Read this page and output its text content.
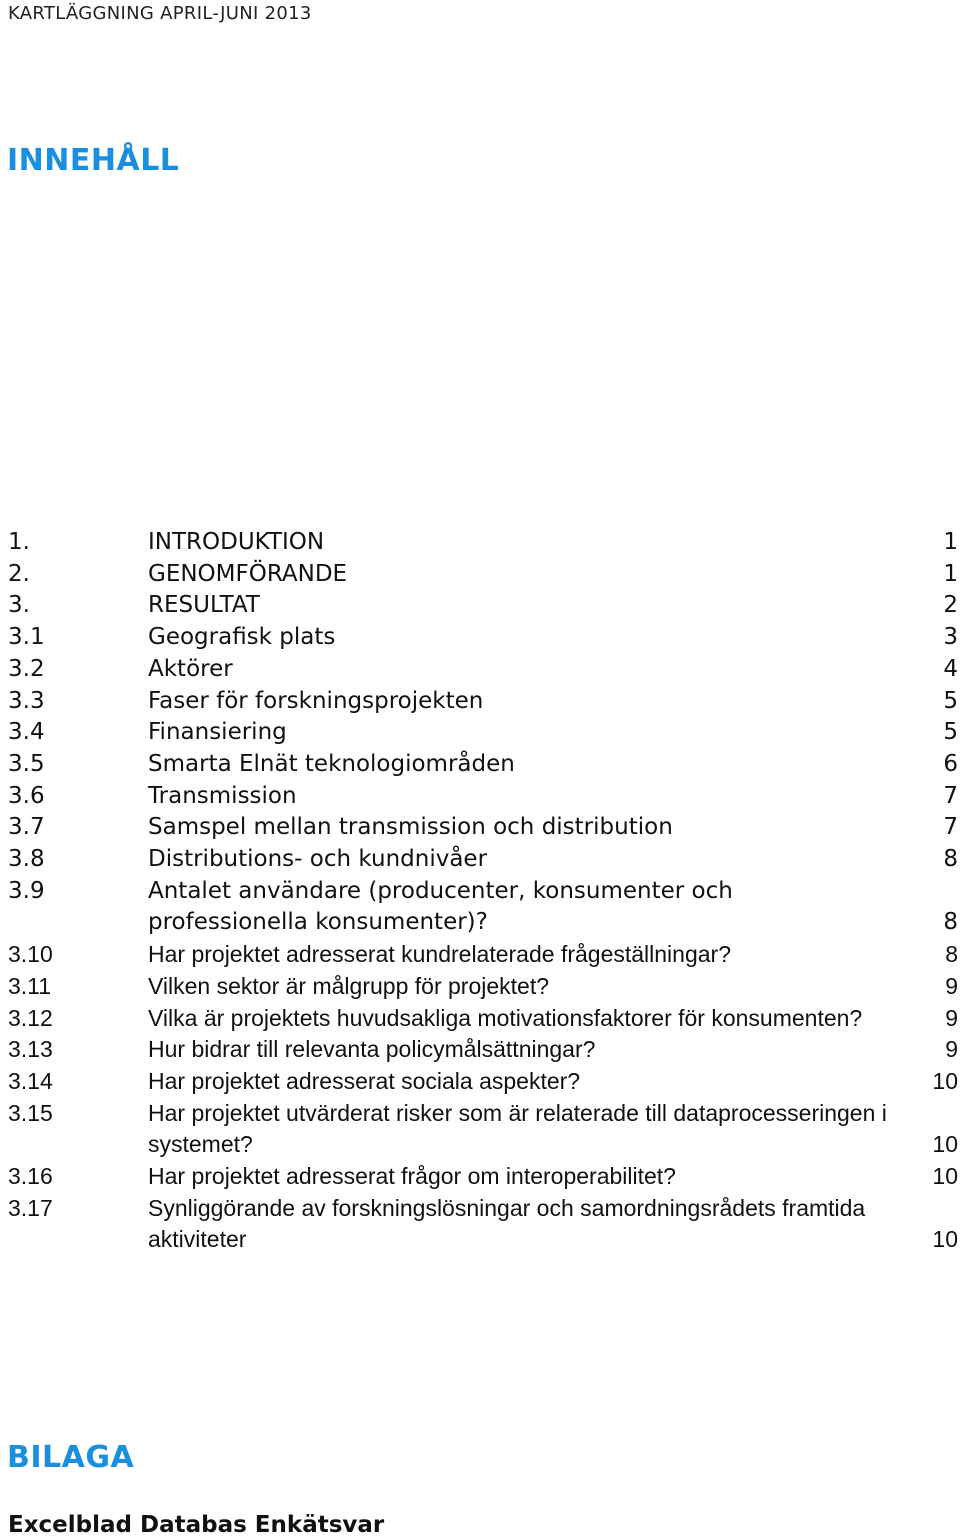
KARTLÄGGNING APRIL-JUNI 2013
INNEHÅLL
1.	INTRODUKTION	1
2.	GENOMFÖRANDE	1
3.	RESULTAT	2
3.1	Geografisk plats	3
3.2	Aktörer	4
3.3	Faser för forskningsprojekten	5
3.4	Finansiering	5
3.5	Smarta Elnät teknologiområden	6
3.6	Transmission	7
3.7	Samspel mellan transmission och distribution	7
3.8	Distributions- och kundnivåer	8
3.9	Antalet användare (producenter, konsumenter och professionella konsumenter)?	8
3.10	Har projektet adresserat kundrelaterade frågeställningar?	8
3.11	Vilken sektor är målgrupp för projektet?	9
3.12	Vilka är projektets huvudsakliga motivationsfaktorer för konsumenten?	9
3.13	Hur bidrar till relevanta policymålsättningar?	9
3.14	Har projektet adresserat sociala aspekter?	10
3.15	Har projektet utvärderat risker som är relaterade till dataprocesseringen i systemet?	10
3.16	Har projektet adresserat frågor om interoperabilitet?	10
3.17	Synliggörande av forskningslösningar och samordningsrådets framtida aktiviteter	10
BILAGA
Excelblad Databas Enkätsvar
